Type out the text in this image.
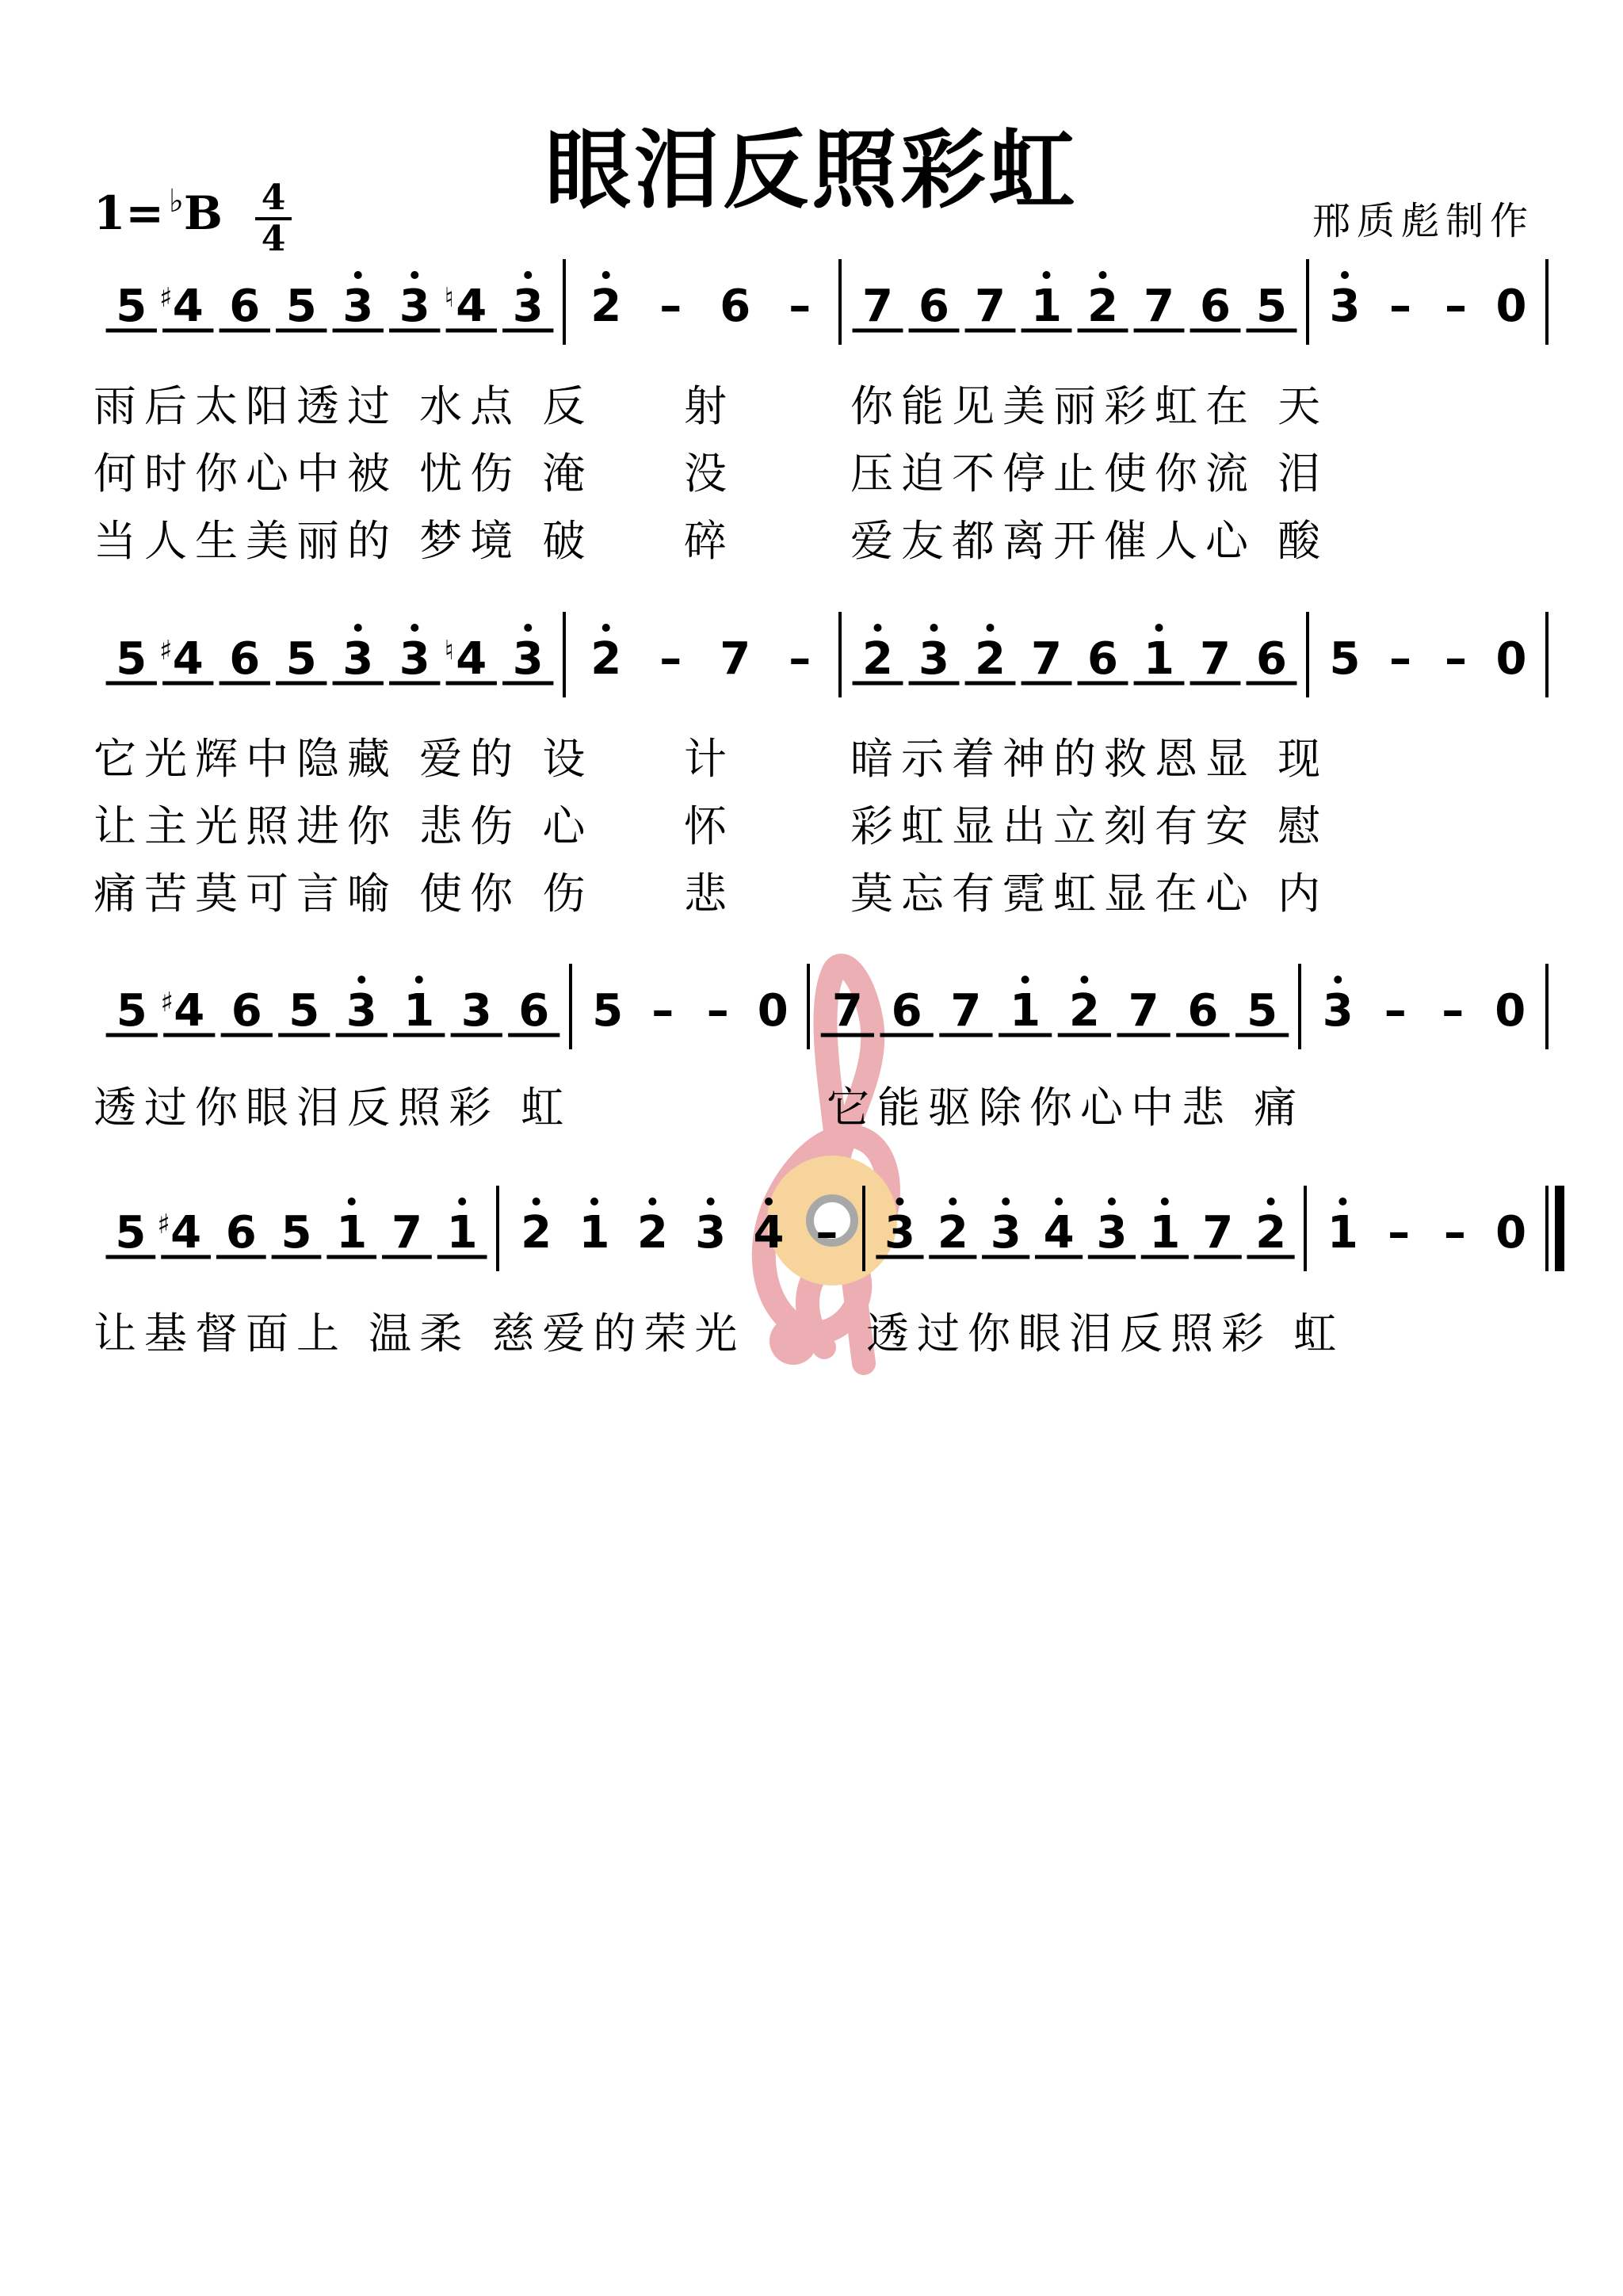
眼泪反照彩虹
1= ♭B 4
4	邢质彪制作
5 4
♯ 6 5 3 3 4
♮ 3 2 – 6 – 7 6 7 1 2 7 6 5 3 – – 0
5 4
♯ 6 5 3 3 4
♮ 3 2 – 7 – 2 3 2 7 6 1 7 6 5 – – 0
5 4
♯ 6 5 3 1 3 6 5 – – 0 7 6 7 1 2 7 6 5 3 – – 0
5 4
♯ 6 5 1 7 1 2 1 2 3 4 – 3 2 3 4 3 1 7 2 1 – – 0
雨后太阳透过 水点 反 射	你能见美丽彩虹在 天
何时你心中被 忧伤 淹 没	压迫不停止使你流 泪
当人生美丽的 梦境 破 碎	爱友都离开催人心 酸
它光辉中隐藏 爱的 设 计	暗示着神的救恩显 现
让主光照进你 悲伤 心 怀	彩虹显出立刻有安 慰
痛苦莫可言喻 使你 伤 悲	莫忘有霓虹显在心 内
透过你眼泪反照彩 虹	它能驱除你心中悲 痛
让基督面上 温柔 慈爱的荣光	透过你眼泪反照彩 虹
